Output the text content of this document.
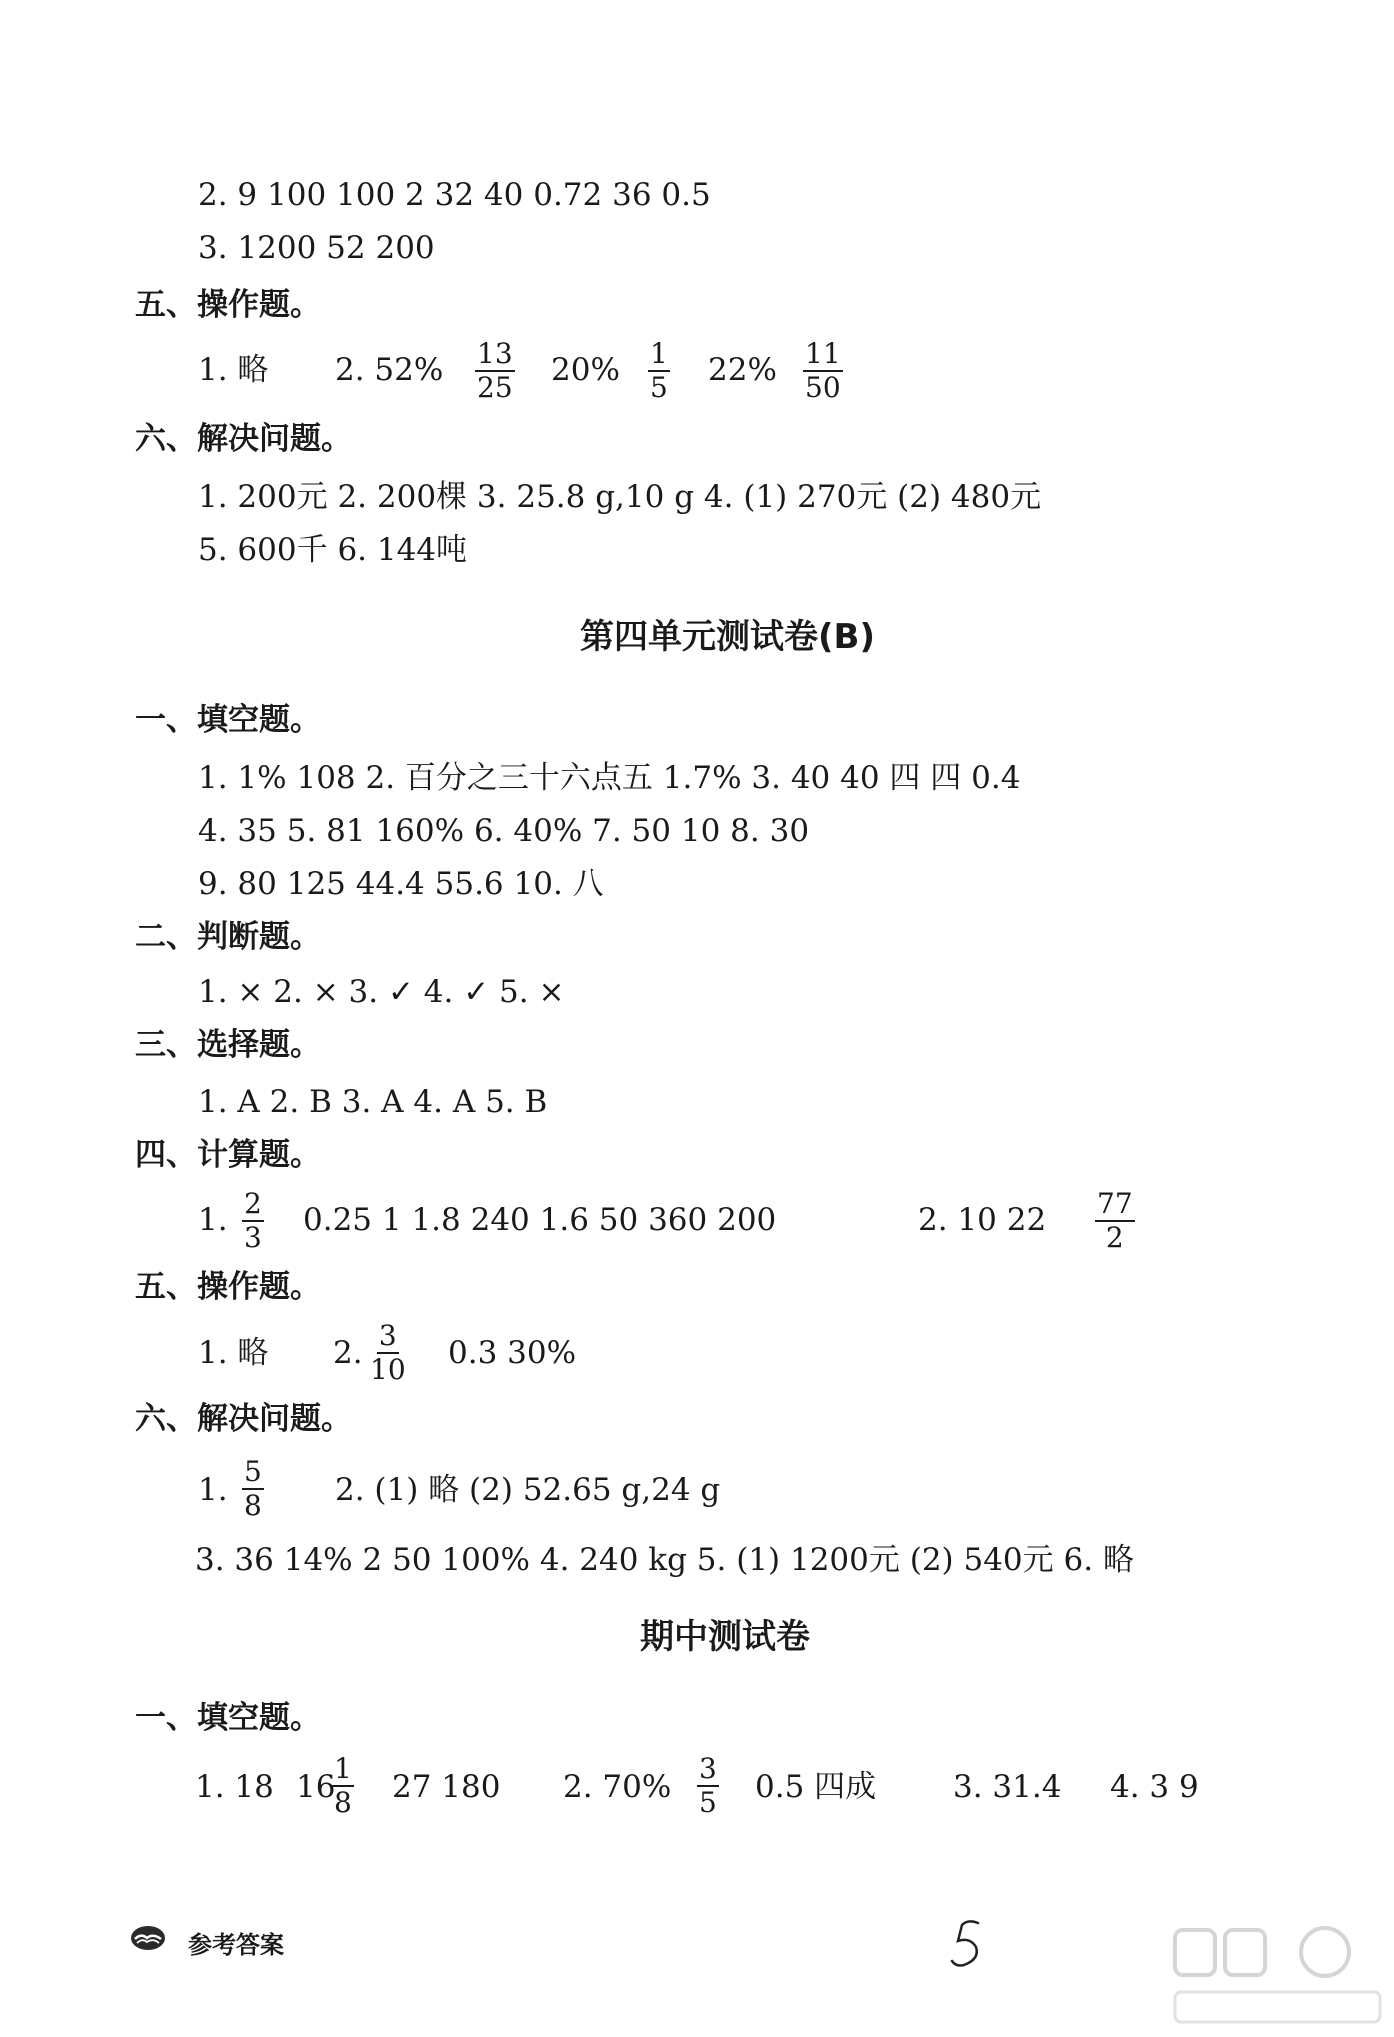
2. 9 100 100 2 32 40 0.72 36 0.5
3. 1200 52 200
五、操作题。
1. 略 2. $52\% \frac{13}{25} 20\% \frac{1}{5} 22\% \frac{11}{50}$
六、解决问题。
1. 200元 2. 200棵 3. 25.8 g,10 g 4. (1) 270元 (2) 480元
5. 600千 6. 144吨
第四单元测试卷(B)
一、填空题。
1. 1% 108 2. 百分之三十六点五 1.7% 3. 40 40 四 四 0.4
4. 35 5. 81 160% 6. 40% 7. 50 10 8. 30
9. 80 125 44.4 55.6 10. 八
二、判断题。
1. × 2. × 3. ✓ 4. ✓ 5. ×
三、选择题。
1. A 2. B 3. A 4. A 5. B
四、计算题。
1. $\frac{2}{3} 0.25$ 1 1.8 240 1.6 50 360 200	2. 10 $22 \frac{77}{2}$
五、操作题。
1. 略 2. $\frac{3}{10} 0.3$ 30%
六、解决问题。
1. $\frac{5}{8} 2$. (1) 略 (2) 52.65 g,24 g
3. 36 14% 2 50 100% 4. 240 kg 5. (1) 1200元 (2) 540元 6. 略
期中测试卷
一、填空题。
1. 18 16
$\frac{1}{8} 27$ 180 2. $70\% \frac{3}{5} 0.5$ 四成 3. 31.4 4. 3 9
参考答案
